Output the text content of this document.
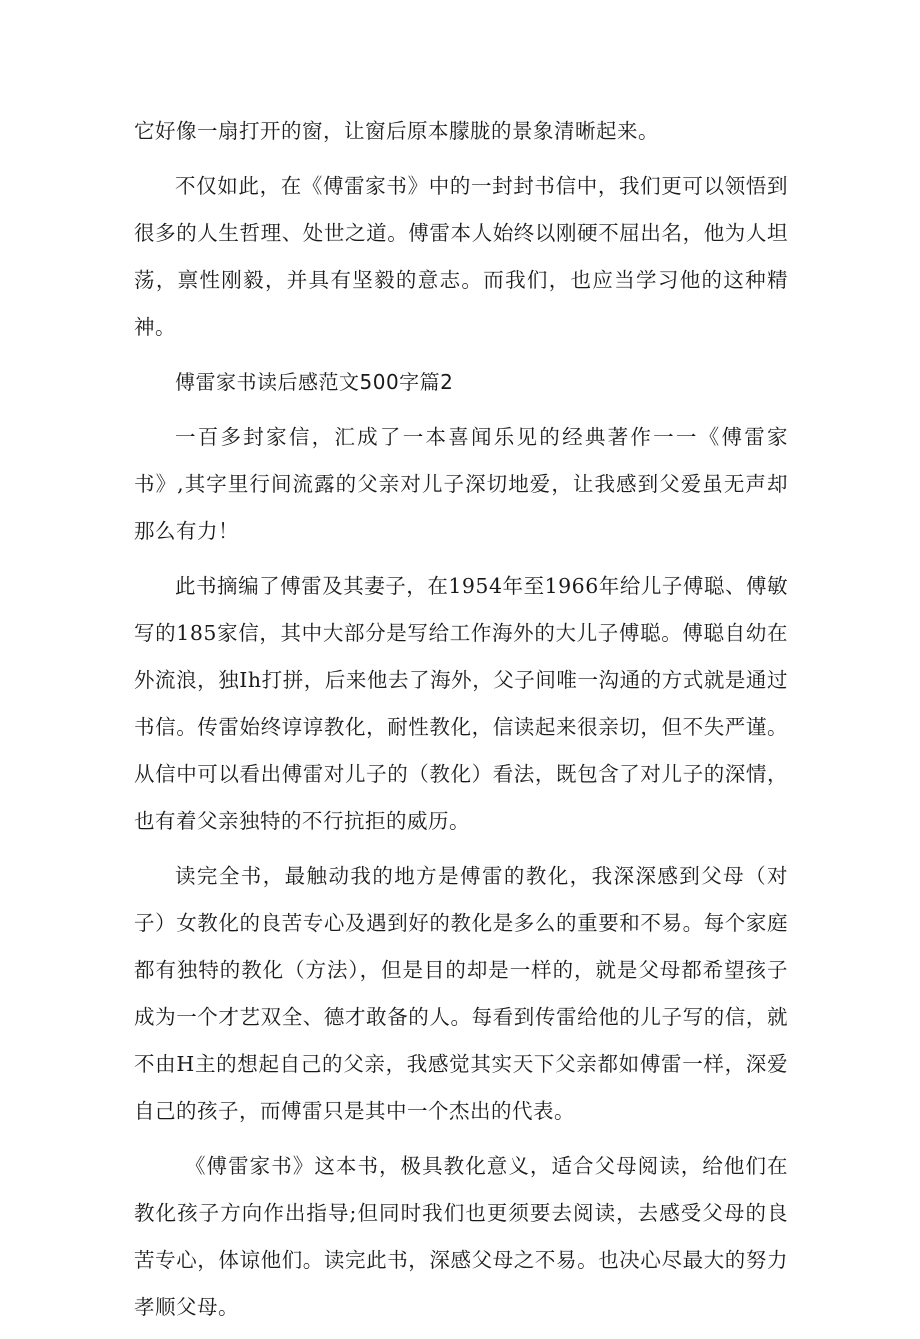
它好像一扇打开的窗，让窗后原本朦胧的景象清晰起来。

不仅如此，在《傅雷家书》中的一封封书信中，我们更可以领悟到很多的人生哲理、处世之道。傅雷本人始终以刚硬不屈出名，他为人坦荡，禀性刚毅，并具有坚毅的意志。而我们，也应当学习他的这种精神。

傅雷家书读后感范文500字篇2

一百多封家信，汇成了一本喜闻乐见的经典著作一一《傅雷家书》,其字里行间流露的父亲对儿子深切地爱，让我感到父爱虽无声却那么有力！

此书摘编了傅雷及其妻子，在1954年至1966年给儿子傅聪、傅敏写的185家信，其中大部分是写给工作海外的大儿子傅聪。傅聪自幼在外流浪，独Ih打拼，后来他去了海外，父子间唯一沟通的方式就是通过书信。传雷始终谆谆教化，耐性教化，信读起来很亲切，但不失严谨。从信中可以看出傅雷对儿子的（教化）看法，既包含了对儿子的深情，也有着父亲独特的不行抗拒的威历。

读完全书，最触动我的地方是傅雷的教化，我深深感到父母（对子）女教化的良苦专心及遇到好的教化是多么的重要和不易。每个家庭都有独特的教化（方法），但是目的却是一样的，就是父母都希望孩子成为一个才艺双全、德才敢备的人。每看到传雷给他的儿子写的信，就不由H主的想起自己的父亲，我感觉其实天下父亲都如傅雷一样，深爱自己的孩子，而傅雷只是其中一个杰出的代表。

《傅雷家书》这本书，极具教化意义，适合父母阅读，给他们在教化孩子方向作出指导;但同时我们也更须要去阅读，去感受父母的良苦专心，体谅他们。读完此书，深感父母之不易。也决心尽最大的努力孝顺父母。
